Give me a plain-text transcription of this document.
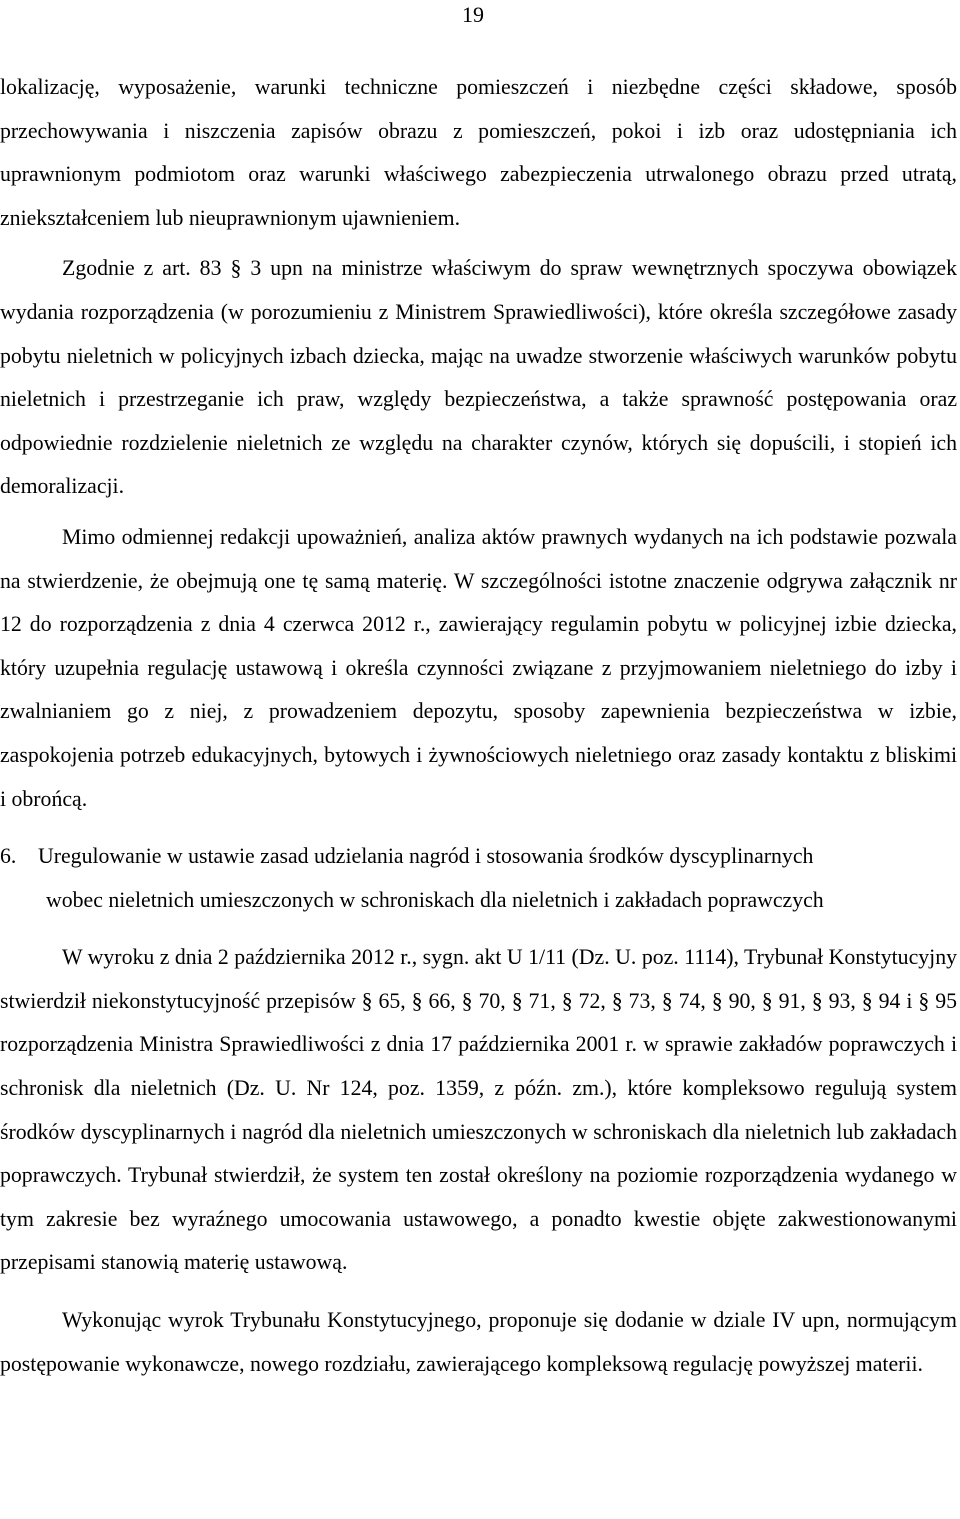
19

lokalizację, wyposażenie, warunki techniczne pomieszczeń i niezbędne części składowe, sposób przechowywania i niszczenia zapisów obrazu z pomieszczeń, pokoi i izb oraz udostępniania ich uprawnionym podmiotom oraz warunki właściwego zabezpieczenia utrwalonego obrazu przed utratą, zniekształceniem lub nieuprawnionym ujawnieniem.

Zgodnie z art. 83 § 3 upn na ministrze właściwym do spraw wewnętrznych spoczywa obowiązek wydania rozporządzenia (w porozumieniu z Ministrem Sprawiedliwości), które określa szczegółowe zasady pobytu nieletnich w policyjnych izbach dziecka, mając na uwadze stworzenie właściwych warunków pobytu nieletnich i przestrzeganie ich praw, względy bezpieczeństwa, a także sprawność postępowania oraz odpowiednie rozdzielenie nieletnich ze względu na charakter czynów, których się dopuścili, i stopień ich demoralizacji.

Mimo odmiennej redakcji upoważnień, analiza aktów prawnych wydanych na ich podstawie pozwala na stwierdzenie, że obejmują one tę samą materię. W szczególności istotne znaczenie odgrywa załącznik nr 12 do rozporządzenia z dnia 4 czerwca 2012 r., zawierający regulamin pobytu w policyjnej izbie dziecka, który uzupełnia regulację ustawową i określa czynności związane z przyjmowaniem nieletniego do izby i zwalnianiem go z niej, z prowadzeniem depozytu, sposoby zapewnienia bezpieczeństwa w izbie, zaspokojenia potrzeb edukacyjnych, bytowych i żywnościowych nieletniego oraz zasady kontaktu z bliskimi i obrońcą.

6. Uregulowanie w ustawie zasad udzielania nagród i stosowania środków dyscyplinarnych
wobec nieletnich umieszczonych w schroniskach dla nieletnich i zakładach poprawczych

W wyroku z dnia 2 października 2012 r., sygn. akt U 1/11 (Dz. U. poz. 1114), Trybunał Konstytucyjny stwierdził niekonstytucyjność przepisów § 65, § 66, § 70, § 71, § 72, § 73, § 74, § 90, § 91, § 93, § 94 i § 95 rozporządzenia Ministra Sprawiedliwości z dnia 17 października 2001 r. w sprawie zakładów poprawczych i schronisk dla nieletnich (Dz. U. Nr 124, poz. 1359, z późn. zm.), które kompleksowo regulują system środków dyscyplinarnych i nagród dla nieletnich umieszczonych w schroniskach dla nieletnich lub zakładach poprawczych. Trybunał stwierdził, że system ten został określony na poziomie rozporządzenia wydanego w tym zakresie bez wyraźnego umocowania ustawowego, a ponadto kwestie objęte zakwestionowanymi przepisami stanowią materię ustawową.

Wykonując wyrok Trybunału Konstytucyjnego, proponuje się dodanie w dziale IV upn, normującym postępowanie wykonawcze, nowego rozdziału, zawierającego kompleksową regulację powyższej materii.
